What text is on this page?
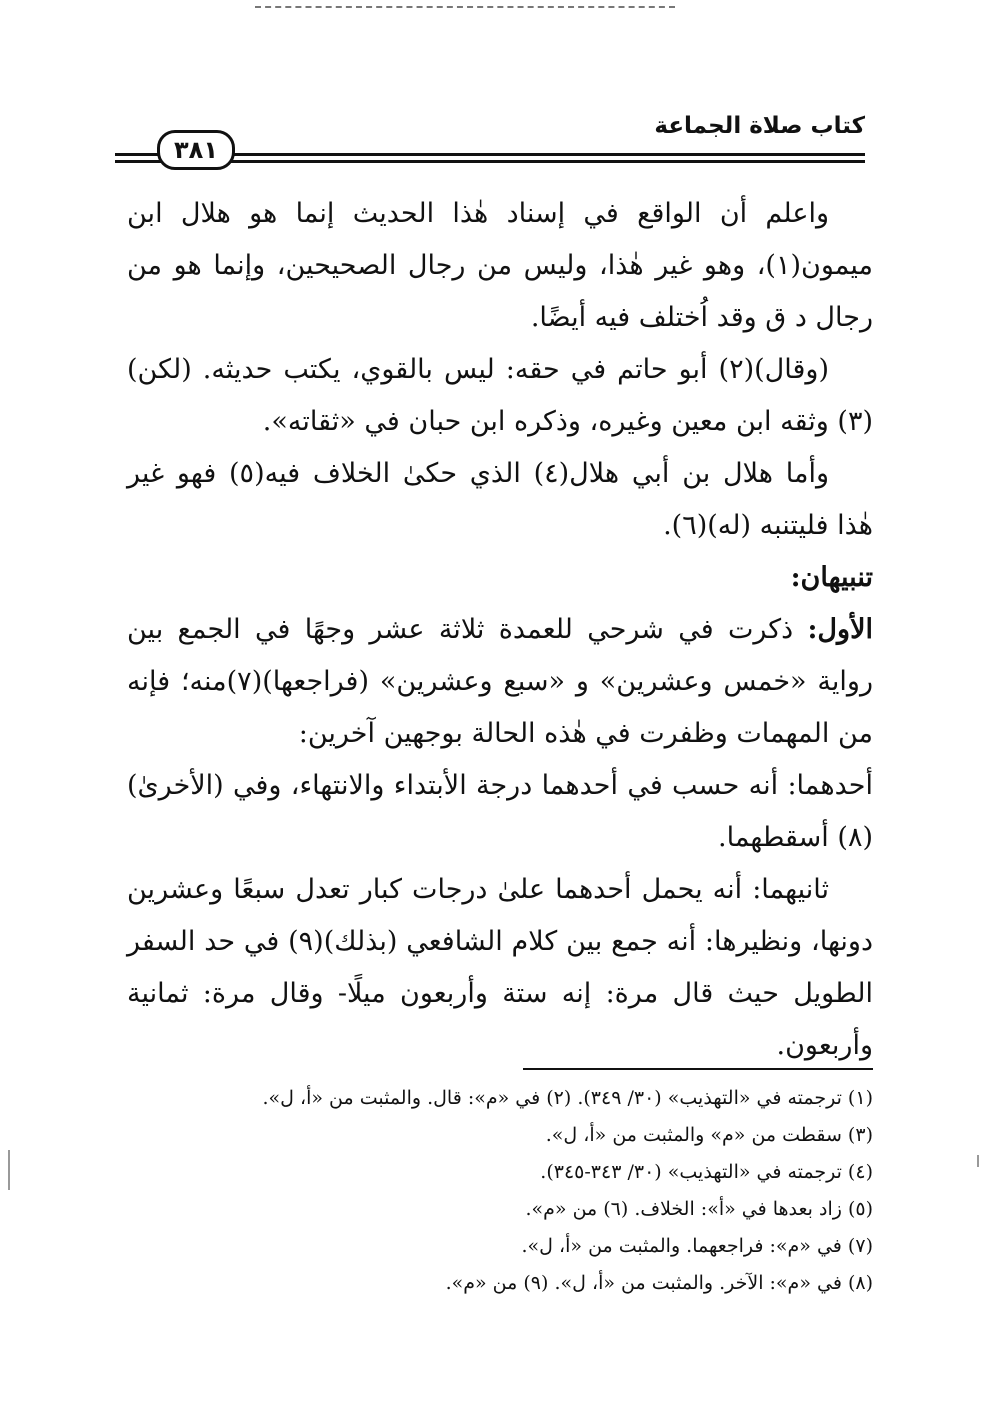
٣٨١
كتاب صلاة الجماعة

واعلم أن الواقع في إسناد هٰذا الحديث إنما هو هلال ابن ميمون(١)، وهو غير هٰذا، وليس من رجال الصحيحين، وإنما هو من رجال د ق وقد اُختلف فيه أيضًا.

(وقال)(٢) أبو حاتم في حقه: ليس بالقوي، يكتب حديثه. (لكن)(٣) وثقه ابن معين وغيره، وذكره ابن حبان في «ثقاته».

وأما هلال بن أبي هلال(٤) الذي حكىٰ الخلاف فيه(٥) فهو غير هٰذا فليتنبه (له)(٦).

تنبيهان:

الأول: ذكرت في شرحي للعمدة ثلاثة عشر وجهًا في الجمع بين رواية «خمس وعشرين» و «سبع وعشرين» (فراجعها)(٧)منه؛ فإنه من المهمات وظفرت في هٰذه الحالة بوجهين آخرين:

أحدهما: أنه حسب في أحدهما درجة الأبتداء والانتهاء، وفي (الأخرىٰ)(٨) أسقطهما.

ثانيهما: أنه يحمل أحدهما علىٰ درجات كبار تعدل سبعًا وعشرين دونها، ونظيرها: أنه جمع بين كلام الشافعي (بذلك)(٩) في حد السفر الطويل حيث قال مرة: إنه ستة وأربعون ميلًا- وقال مرة: ثمانية وأربعون.

(١) ترجمته في «التهذيب» (٣٠/ ٣٤٩). (٢) في «م»: قال. والمثبت من «أ، ل».
(٣) سقطت من «م» والمثبت من «أ، ل».
(٤) ترجمته في «التهذيب» (٣٠/ ٣٤٣-٣٤٥).
(٥) زاد بعدها في «أ»: الخلاف. (٦) من «م».
(٧) في «م»: فراجعهما. والمثبت من «أ، ل».
(٨) في «م»: الآخر. والمثبت من «أ، ل». (٩) من «م».
